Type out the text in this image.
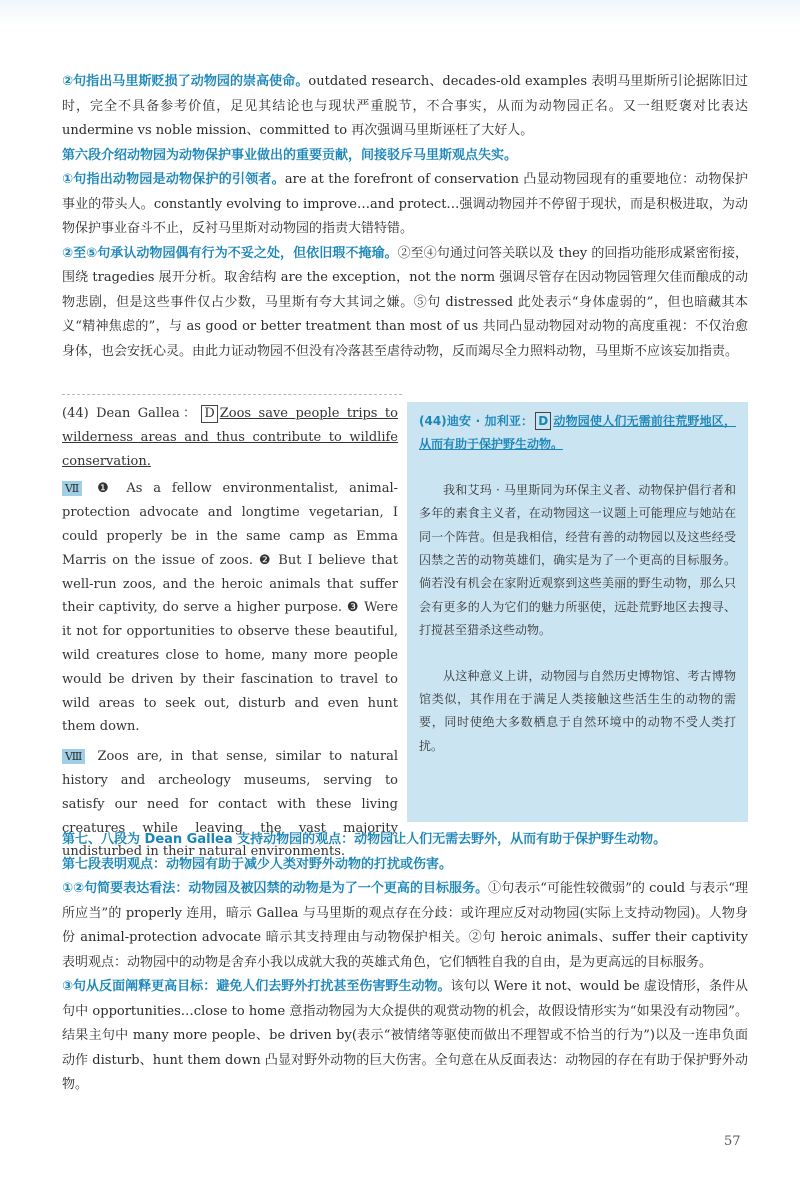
②句指出马里斯贬损了动物园的崇高使命。outdated research、decades-old examples 表明马里斯所引论据陈旧过时，完全不具备参考价值，足见其结论也与现状严重脱节，不合事实，从而为动物园正名。又一组贬褒对比表达 undermine vs noble mission、committed to 再次强调马里斯诬枉了大好人。

第六段介绍动物园为动物保护事业做出的重要贡献，间接驳斥马里斯观点失实。

①句指出动物园是动物保护的引领者。are at the forefront of conservation 凸显动物园现有的重要地位：动物保护事业的带头人。constantly evolving to improve…and protect…强调动物园并不停留于现状，而是积极进取，为动物保护事业奋斗不止，反衬马里斯对动物园的指责大错特错。

②至⑤句承认动物园偶有行为不妥之处，但依旧瑕不掩瑜。②至④句通过问答关联以及 they 的回指功能形成紧密衔接，围绕 tragedies 展开分析。取舍结构 are the exception，not the norm 强调尽管存在因动物园管理欠佳而酿成的动物悲剧，但是这些事件仅占少数，马里斯有夸大其词之嫌。⑤句 distressed 此处表示“身体虚弱的”，但也暗藏其本义“精神焦虑的”，与 as good or better treatment than most of us 共同凸显动物园对动物的高度重视：不仅治愈身体，也会安抚心灵。由此力证动物园不但没有冷落甚至虐待动物，反而竭尽全力照料动物，马里斯不应该妄加指责。

(44) Dean Gallea： D Zoos save people trips to wilderness areas and thus contribute to wildlife conservation.

Ⅶ ❶ As a fellow environmentalist, animal-protection advocate and longtime vegetarian, I could properly be in the same camp as Emma Marris on the issue of zoos. ❷ But I believe that well-run zoos, and the heroic animals that suffer their captivity, do serve a higher purpose. ❸ Were it not for opportunities to observe these beautiful, wild creatures close to home, many more people would be driven by their fascination to travel to wild areas to seek out, disturb and even hunt them down.

Ⅷ Zoos are, in that sense, similar to natural history and archeology museums, serving to satisfy our need for contact with these living creatures while leaving the vast majority undisturbed in their natural environments.

(44)迪安 · 加利亚： D 动物园使人们无需前往荒野地区，从而有助于保护野生动物。

我和艾玛 · 马里斯同为环保主义者、动物保护倡行者和多年的素食主义者，在动物园这一议题上可能理应与她站在同一个阵营。但是我相信，经营有善的动物园以及这些经受囚禁之苦的动物英雄们，确实是为了一个更高的目标服务。倘若没有机会在家附近观察到这些美丽的野生动物，那么只会有更多的人为它们的魅力所驱使，远赴荒野地区去搜寻、打搅甚至猎杀这些动物。

从这种意义上讲，动物园与自然历史博物馆、考古博物馆类似，其作用在于满足人类接触这些活生生的动物的需要，同时使绝大多数栖息于自然环境中的动物不受人类打扰。

第七、八段为 Dean Gallea 支持动物园的观点：动物园让人们无需去野外，从而有助于保护野生动物。

第七段表明观点：动物园有助于减少人类对野外动物的打扰或伤害。

①②句简要表达看法：动物园及被囚禁的动物是为了一个更高的目标服务。①句表示“可能性较微弱”的 could 与表示“理所应当”的 properly 连用，暗示 Gallea 与马里斯的观点存在分歧：或许理应反对动物园(实际上支持动物园)。人物身份 animal-protection advocate 暗示其支持理由与动物保护相关。②句 heroic animals、suffer their captivity 表明观点：动物园中的动物是舍弃小我以成就大我的英雄式角色，它们牺牲自我的自由，是为更高远的目标服务。

③句从反面阐释更高目标：避免人们去野外打扰甚至伤害野生动物。该句以 Were it not、would be 虚设情形，条件从句中 opportunities…close to home 意指动物园为大众提供的观赏动物的机会，故假设情形实为“如果没有动物园”。结果主句中 many more people、be driven by(表示“被情绪等驱使而做出不理智或不恰当的行为”)以及一连串负面动作 disturb、hunt them down 凸显对野外动物的巨大伤害。全句意在从反面表达：动物园的存在有助于保护野外动物。

57
